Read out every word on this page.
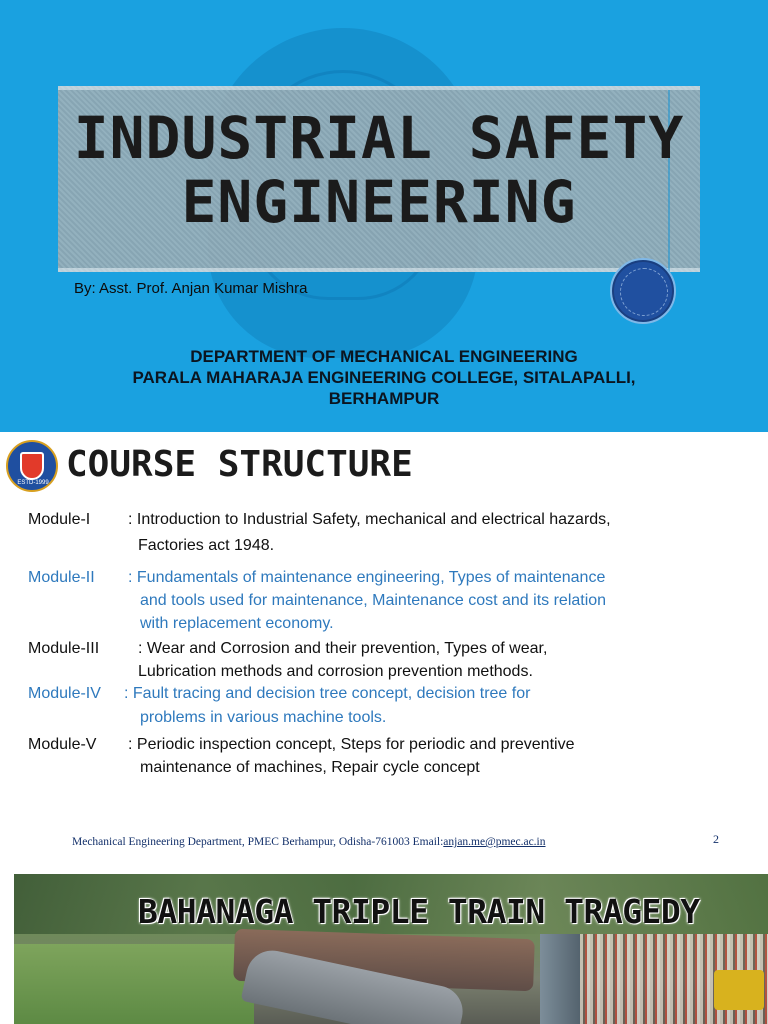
INDUSTRIAL SAFETY
ENGINEERING
By: Asst. Prof. Anjan Kumar Mishra
DEPARTMENT OF MECHANICAL ENGINEERING
PARALA MAHARAJA ENGINEERING COLLEGE, SITALAPALLI,
BERHAMPUR
ESTD-1999 COURSE STRUCTURE
Module-I	: Introduction to Industrial Safety, mechanical and electrical hazards,
Factories act 1948.
Module-II	: Fundamentals of maintenance engineering, Types of maintenance
and tools used for maintenance, Maintenance cost and its relation
with replacement economy.
Module-III	: Wear and Corrosion and their prevention, Types of wear,
Lubrication methods and corrosion prevention methods.
Module-IV	: Fault tracing and decision tree concept, decision tree for
problems in various machine tools.
Module-V	: Periodic inspection concept, Steps for periodic and preventive
maintenance of machines, Repair cycle concept
Mechanical Engineering Department, PMEC Berhampur, Odisha-761003 Email:anjan.me@pmec.ac.in	2
BAHANAGA TRIPLE TRAIN TRAGEDY
